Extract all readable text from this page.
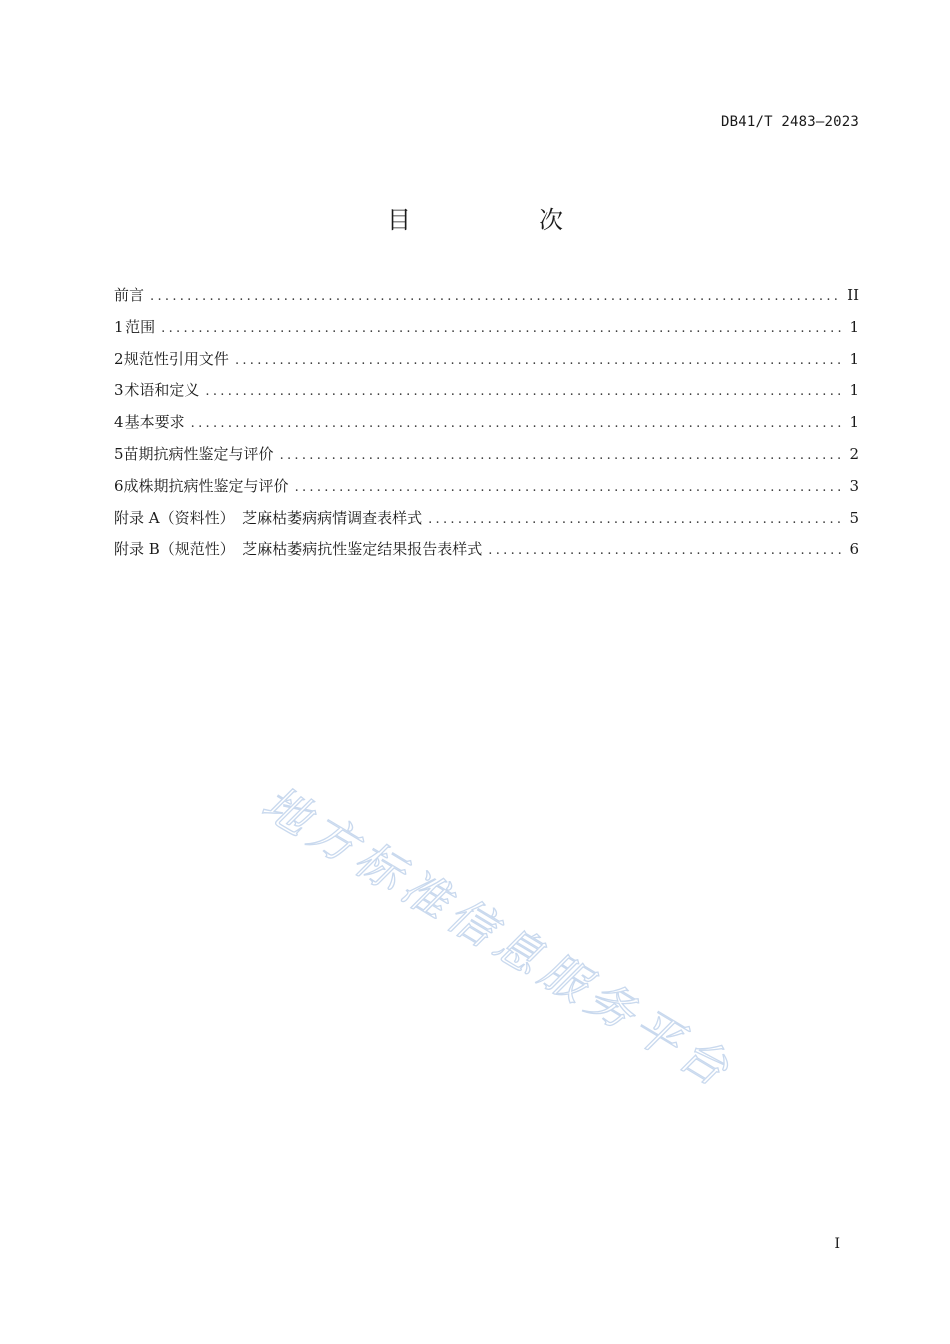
DB41/T 2483—2023
目　次
前言 .....	II
1 范围 .....	1
2 规范性引用文件 .....	1
3 术语和定义 .....	1
4 基本要求 .....	1
5 苗期抗病性鉴定与评价 .....	2
6 成株期抗病性鉴定与评价 .....	3
附录 A（资料性）　芝麻枯萎病病情调查表样式 .....	5
附录 B（规范性）　芝麻枯萎病抗性鉴定结果报告表样式 .....	6
地方标准信息服务平台
I
